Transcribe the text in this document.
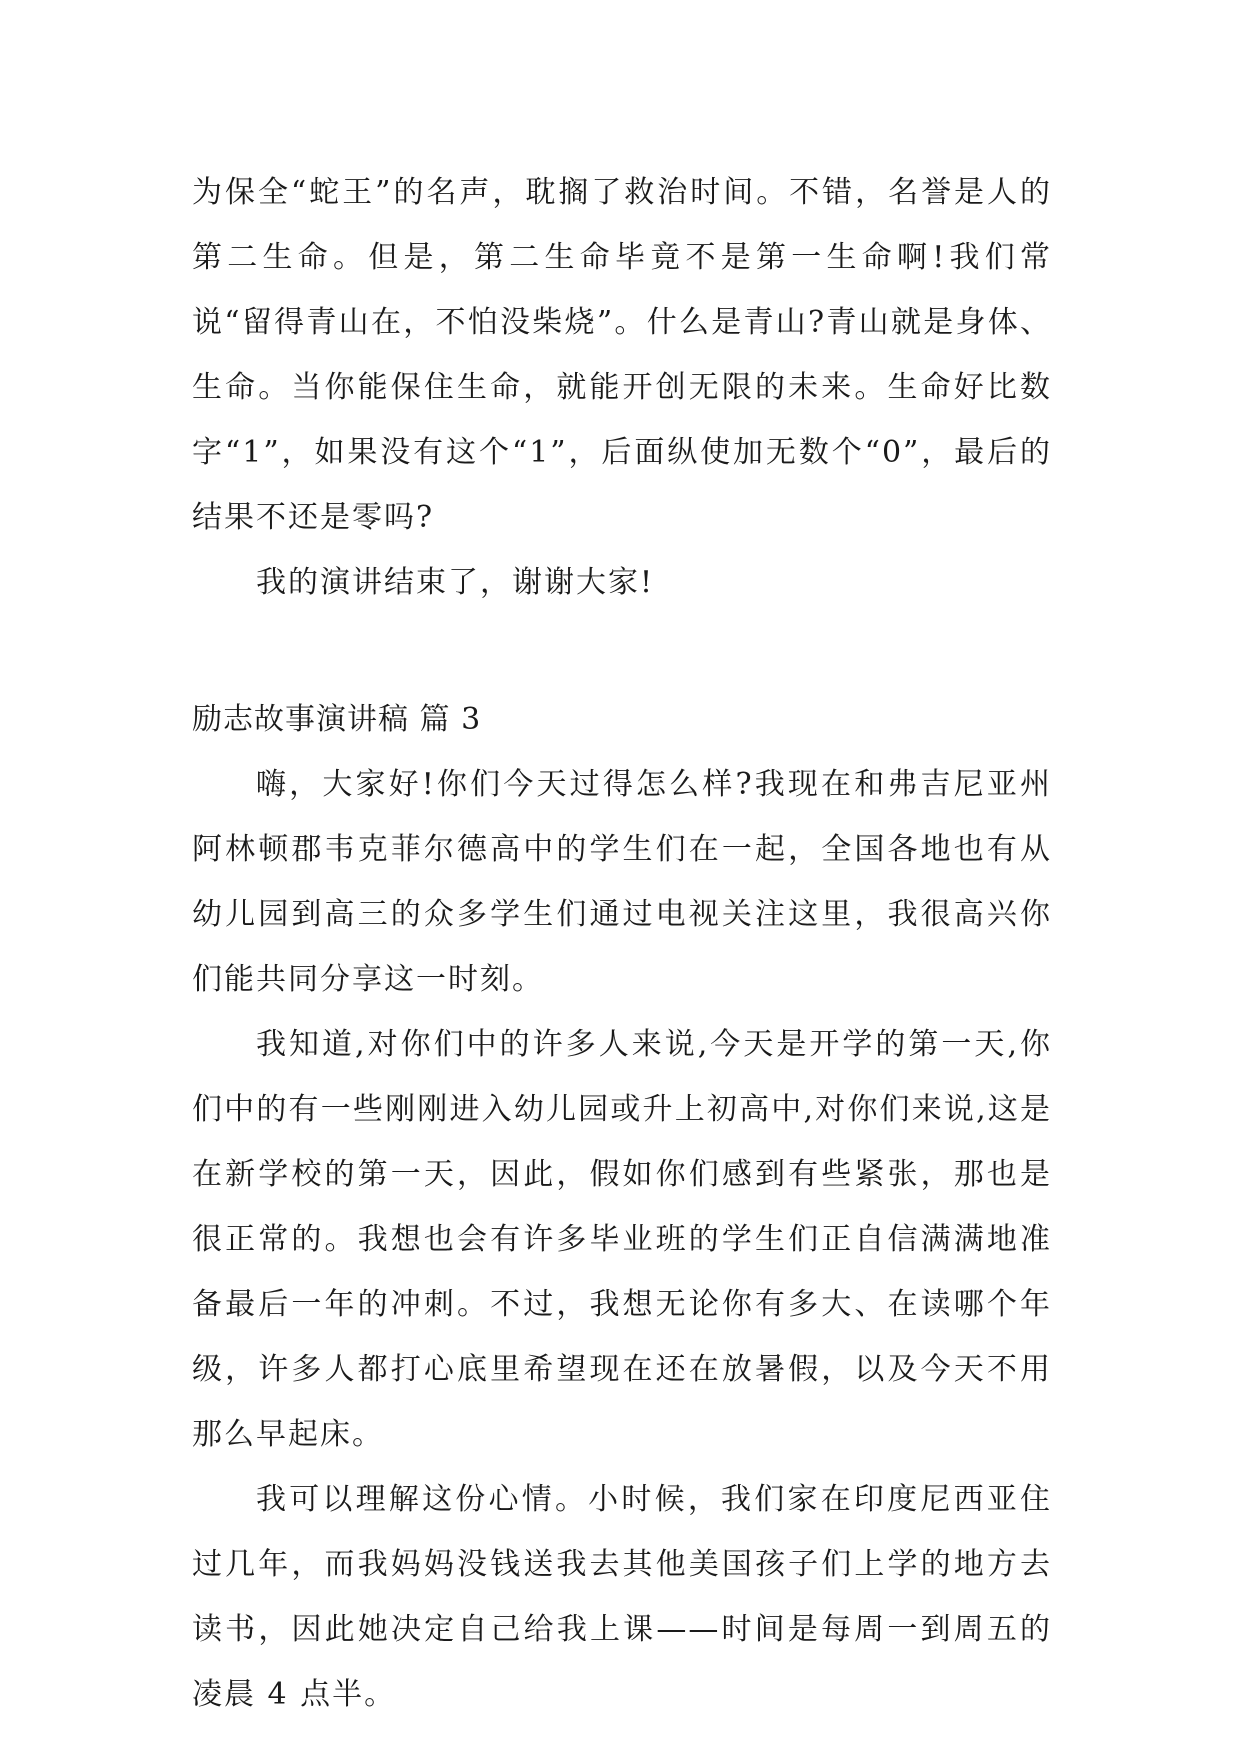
为保全“蛇王”的名声，耽搁了救治时间。不错，名誉是人的第二生命。但是，第二生命毕竟不是第一生命啊!我们常说“留得青山在，不怕没柴烧”。什么是青山?青山就是身体、生命。当你能保住生命，就能开创无限的未来。生命好比数字“1”，如果没有这个“1”，后面纵使加无数个“0”，最后的结果不还是零吗?

我的演讲结束了，谢谢大家!

励志故事演讲稿 篇 3

嗨，大家好!你们今天过得怎么样?我现在和弗吉尼亚州阿林顿郡韦克菲尔德高中的学生们在一起，全国各地也有从幼儿园到高三的众多学生们通过电视关注这里，我很高兴你们能共同分享这一时刻。

我知道,对你们中的许多人来说,今天是开学的第一天,你们中的有一些刚刚进入幼儿园或升上初高中,对你们来说,这是在新学校的第一天，因此，假如你们感到有些紧张，那也是很正常的。我想也会有许多毕业班的学生们正自信满满地准备最后一年的冲刺。不过，我想无论你有多大、在读哪个年级，许多人都打心底里希望现在还在放暑假，以及今天不用那么早起床。

我可以理解这份心情。小时候，我们家在印度尼西亚住过几年，而我妈妈没钱送我去其他美国孩子们上学的地方去读书，因此她决定自己给我上课——时间是每周一到周五的凌晨 4 点半。
